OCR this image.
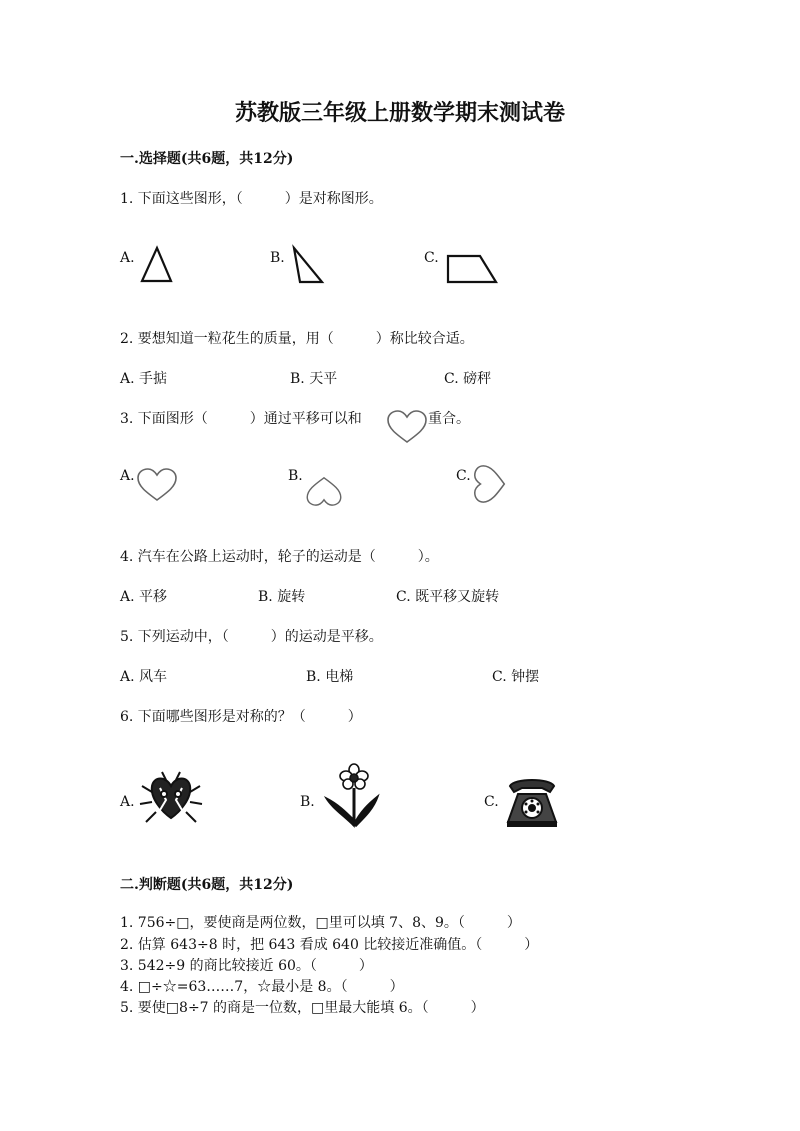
苏教版三年级上册数学期末测试卷
一.选择题(共6题，共12分)
1. 下面这些图形，（　　　）是对称图形。
A.	B.	C.
2. 要想知道一粒花生的质量，用（　　　）称比较合适。
A. 手掂	B. 天平	C. 磅秤
3. 下面图形（　　　）通过平移可以和	重合。
A.	B.	C.
4. 汽车在公路上运动时，轮子的运动是（　　　）。
A. 平移	B. 旋转	C. 既平移又旋转
5. 下列运动中，（　　　）的运动是平移。
A. 风车	B. 电梯	C. 钟摆
6. 下面哪些图形是对称的？（　　　）
A.	B.	C.
二.判断题(共6题，共12分)
1. 756÷□，要使商是两位数，□里可以填 7、8、9。（　　　）
2. 估算 643÷8 时，把 643 看成 640 比较接近准确值。（　　　）
3. 542÷9 的商比较接近 60。（　　　）
4. □÷☆=63……7，☆最小是 8。（　　　）
5. 要使□8÷7 的商是一位数，□里最大能填 6。（　　　）
